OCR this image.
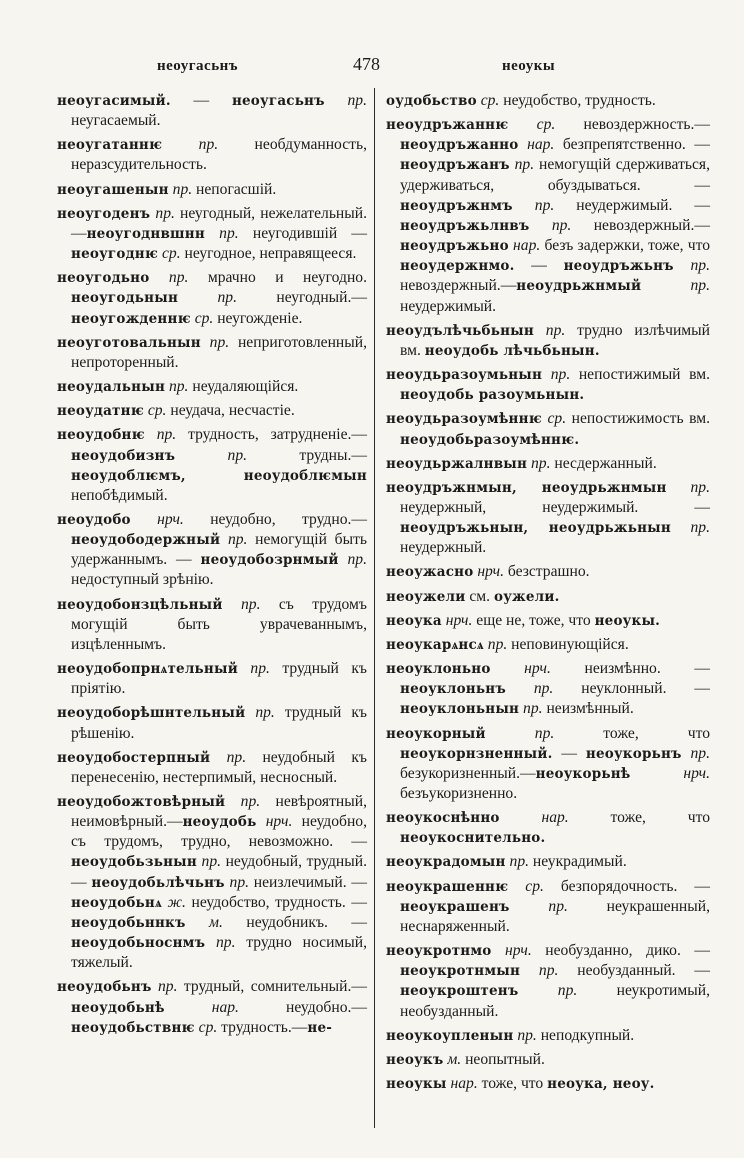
неоугасьнъ	478	неоукы

неоугасимый. — неоугасьнъ пр. неугасаемый.

неоугатаннѥ пр. необдуманность, неразсудительность.

неоугашенын пр. непогасшій.

неоугоденъ пр. неугодный, нежелательный.—неоугоднвшнн пр. неугодившій — неоугоднѥ ср. неугодное, неправящееся.

неоугодьно пр. мрачно и неугодно. неоугодьнын	пр. неугодный.—неоугожденнѥ ср. неугожденіе.

неоуготовальнын пр. неприготовленный, непроторенный.

неоудальнын пр. неудаляющійся.

неоудатнѥ ср. неудача, несчастіе.

неоудобнѥ пр. трудность, затрудненіе.—неоудобизнъ	пр. трудны.—неоудоблѥмъ, неоудоблѥмын непобѣдимый.

неоудобо нрч. неудобно, трудно.—неоудободержный пр. немогущій быть удержаннымъ. — неоудобозрнмый пр. недоступный зрѣнію.

неоудобонзцѣльный пр. съ трудомъ могущій быть уврачеваннымъ, изцѣленнымъ.

неоудобопрнѧтельный пр. трудный къ пріятію.

неоудоборѣшнтельный пр. трудный къ рѣшенію.

неоудобостерпный пр. неудобный къ перенесенію, нестерпимый, несносный.

неоудобожтовѣрный пр. невѣроятный, неимовѣрный.—неоудобь нрч. неудобно, съ трудомъ, трудно, невозможно. — неоудобьзьнын пр. неудобный, трудный. — неоудобьлѣчьнъ пр. неизлечимый. — неоудобьнѧ ж. неудобство, трудность. — неоудобьннкъ м. неудобникъ. — неоудобьноснмъ пр. трудно носимый, тяжелый.

неоудобьнъ пр. трудный, сомнительный.—неоудобьнѣ	нар. неудобно.—неоудобьствнѥ ср. трудность.—не-

оудобьство ср. неудобство, трудность.

неоудръжаннѥ ср. невоздержность.—неоудръжанно нар. безпрепятственно. — неоудръжанъ пр. немогущій сдерживаться, удерживаться, обуздываться. — неоудръжнмъ пр. неудержимый. — неоудръжьлнвъ пр. невоздержный.—неоудръжьно нар. безъ задержки, тоже, что неоудержнмо. — неоудръжьнъ пр. невоздержный.—неоудрьжнмый	пр. неудержимый.

неоудълѣчьбьнын пр. трудно излѣчимый вм. неоудобь лѣчьбьнын.

неоудьразоумьнын пр. непостижимый вм. неоудобь разоумьнын.

неоудьразоумѣннѥ ср. непостижимость вм. неоудобьразоумѣннѥ.

неоудьржалнвын пр. несдержанный.

неоудръжнмын, неоудрьжнмын пр. неудержный, неудержимый. — неоудръжьнын, неоудрьжьнын пр. неудержный.

неоужасно нрч. безстрашно.

неоужели см. оужели.

неоука нрч. еще не, тоже, что неоукы.

неоукарѧнсѧ пр. неповинующійся.

неоуклоньно нрч. неизмѣнно. — неоуклоньнъ пр. неуклонный. — неоуклоньнын пр. неизмѣнный.

неоукорный	пр. тоже, что неоукорнзненный. — неоукорьнъ пр. безукоризненный.—неоукорьнѣ	нрч. безъукоризненно.

неоукоснѣнно	нар. тоже, что неоукоснительно.

неоукрадомын пр. неукрадимый.

неоукрашеннѥ ср. безпорядочность. —неоукрашенъ пр. неукрашенный, неснаряженный.

неоукротнмо нрч. необузданно, дико. — неоукротнмын пр. необузданный. — неоукроштенъ	пр. неукротимый, необузданный.

неоукоупленын пр. неподкупный.

неоукъ м. неопытный.

неоукы нар. тоже, что неоука, неоу.
